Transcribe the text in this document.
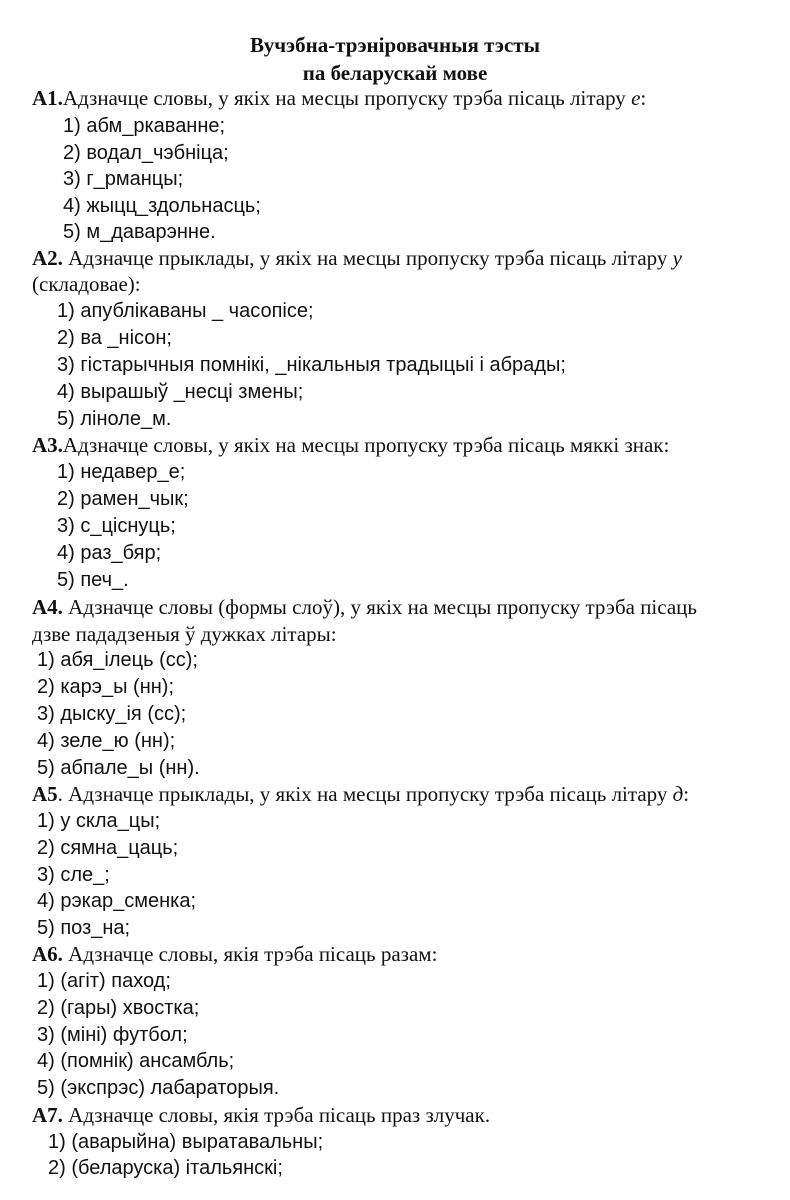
Вучэбна-трэніровачныя тэсты
па беларускай мове
А1.Адзначце словы, у якіх на месцы пропуску трэба пісаць літару е:
1) абм_ркаванне;
2) водал_чэбніца;
3) г_рманцы;
4) жыцц_здольнасць;
5) м_даварэнне.
А2. Адзначце прыклады, у якіх на месцы пропуску трэба пісаць літару у
(складовае):
1) апублікаваны _ часопісе;
2) ва _нісон;
3) гістарычныя помнікі, _нікальныя традыцыі і абрады;
4) вырашыў _несці змены;
5) ліноле_м.
А3.Адзначце словы, у якіх на месцы пропуску трэба пісаць мяккі знак:
1) недавер_е;
2) рамен_чык;
3) с_цiснуць;
4) раз_бяр;
5) печ_.
А4. Адзначце словы (формы слоў), у якіх на месцы пропуску трэба пісаць
дзве пададзеныя ў дужках літары:
1) абя_ілець (сс);
2) карэ_ы (нн);
3) дыску_ія (сс);
4) зеле_ю (нн);
5) абпале_ы (нн).
А5. Адзначце прыклады, у якіх на месцы пропуску трэба пісаць літару д:
1) у скла_цы;
2) сямна_цаць;
3) сле_;
4) рэкар_сменка;
5) поз_на;
А6. Адзначце словы, якія трэба пісаць разам:
1) (агіт) паход;
2) (гары) хвостка;
3) (міні) футбол;
4) (помнік) ансамбль;
5) (экспрэс) лабараторыя.
А7. Адзначце словы, якія трэба пісаць праз злучак.
1) (аварыйна) выратавальны;
2) (беларуска) італьянскі;
